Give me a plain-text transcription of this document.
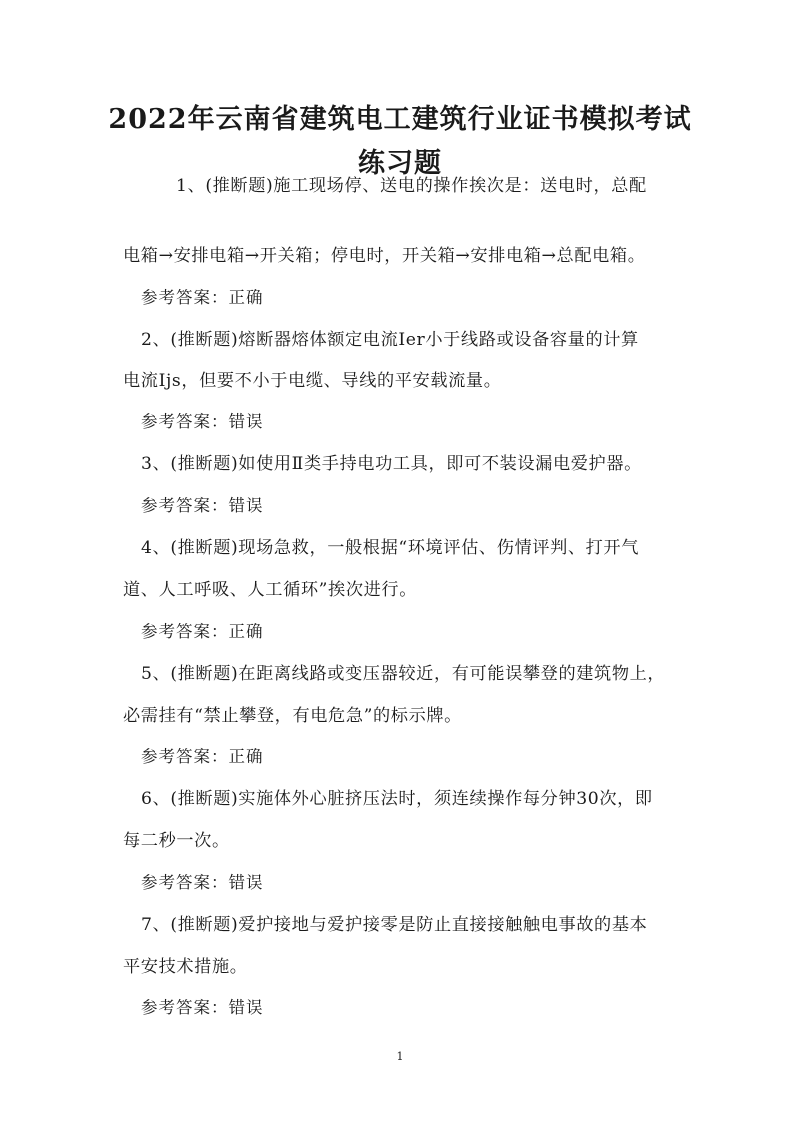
2022年云南省建筑电工建筑行业证书模拟考试
练习题
1、(推断题)施工现场停、送电的操作挨次是：送电时，总配
电箱→安排电箱→开关箱；停电时，开关箱→安排电箱→总配电箱。
参考答案：正确
2、(推断题)熔断器熔体额定电流Ier小于线路或设备容量的计算
电流Ijs，但要不小于电缆、导线的平安载流量。
参考答案：错误
3、(推断题)如使用Ⅱ类手持电功工具，即可不装设漏电爱护器。
参考答案：错误
4、(推断题)现场急救，一般根据“环境评估、伤情评判、打开气
道、人工呼吸、人工循环”挨次进行。
参考答案：正确
5、(推断题)在距离线路或变压器较近，有可能误攀登的建筑物上，
必需挂有“禁止攀登，有电危急”的标示牌。
参考答案：正确
6、(推断题)实施体外心脏挤压法时，须连续操作每分钟30次，即
每二秒一次。
参考答案：错误
7、(推断题)爱护接地与爱护接零是防止直接接触触电事故的基本
平安技术措施。
参考答案：错误
1
